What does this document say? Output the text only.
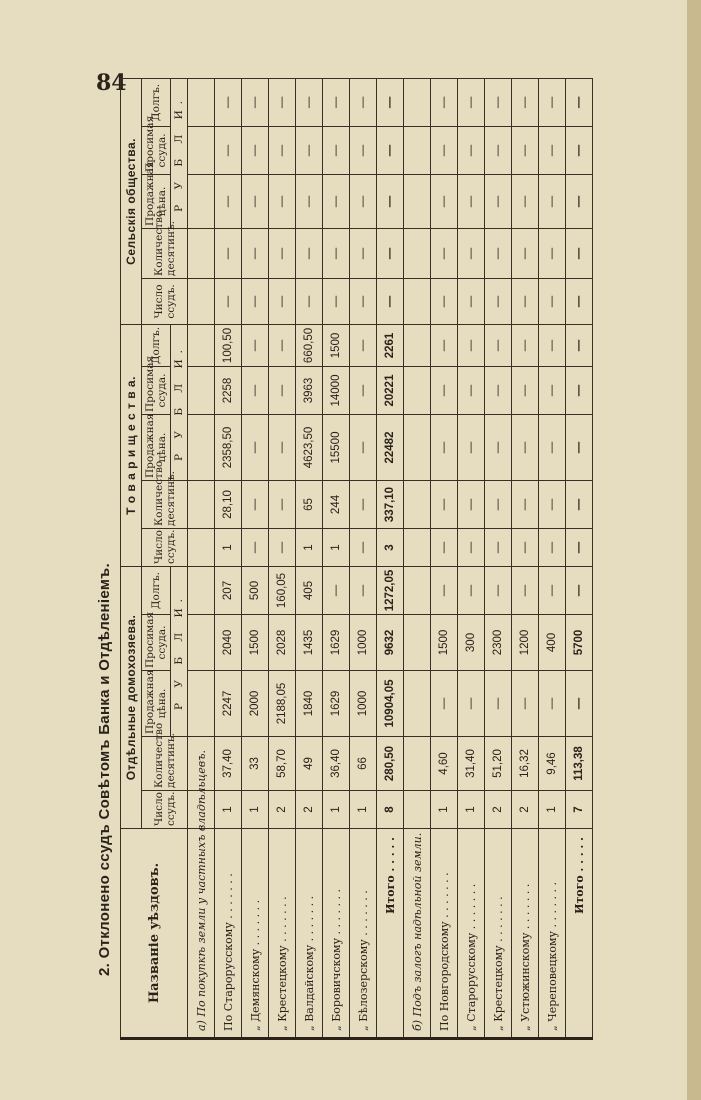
84
2. Отклонено ссудъ Совѣтомъ Банка и Отдѣленіемъ.	Названіе уѣздовъ.	Отдѣльные домохозяева.					Т о в а р и щ е с т в а.					Сельскія общества.				
	Число ссудъ.	Количество десятинъ.	Продажная цѣна.	Просимая ссуда.	Долгъ.	Число ссудъ.	Количество десятинъ.	Продажная цѣна.	Просимая ссуда.	Долгъ.	Число ссудъ.	Количество десятинъ.	Продажная цѣна.	Просимая ссуда.	Долгъ.
			Р У Б Л И.					Р У Б Л И.					Р У Б Л И.		
а) По покупкѣ земли у частныхъ владѣльцевъ.															
По Старорусскому . . . . . . .	1	37,40	2247	2040	207	1	28,10	2358,50	2258	100,50	—	—	—	—	—
„ Демянскому . . . . . . .	1	33	2000	1500	500	—	—	—	—	—	—	—	—	—	—
„ Крестецкому . . . . . . .	2	58,70	2188,05	2028	160,05	—	—	—	—	—	—	—	—	—	—
„ Валдайскому . . . . . . .	2	49	1840	1435	405	1	65	4623,50	3963	660,50	—	—	—	—	—
„ Боровичскому . . . . . . .	1	36,40	1629	1629	—	1	244	15500	14000	1500	—	—	—	—	—
„ Бѣлозерскому . . . . . . .	1	66	1000	1000	—	—	—	—	—	—	—	—	—	—	—
Итого . . . . .	8	280,50	10904,05	9632	1272,05	3	337,10	22482	20221	2261	—	—	—	—	—
б) Подъ залогъ надѣльной земли.															
По Новгородскому . . . . . . .	1	4,60	—	1500	—	—	—	—	—	—	—	—	—	—	—
„ Старорусскому . . . . . . .	1	31,40	—	300	—	—	—	—	—	—	—	—	—	—	—
„ Крестецкому . . . . . . .	2	51,20	—	2300	—	—	—	—	—	—	—	—	—	—	—
„ Устюжинскому . . . . . . .	2	16,32	—	1200	—	—	—	—	—	—	—	—	—	—	—
„ Череповецкому . . . . . . .	1	9,46	—	400	—	—	—	—	—	—	—	—	—	—	—
Итого . . . . .	7	113,38	—	5700	—	—	—	—	—	—	—	—	—	—	—
